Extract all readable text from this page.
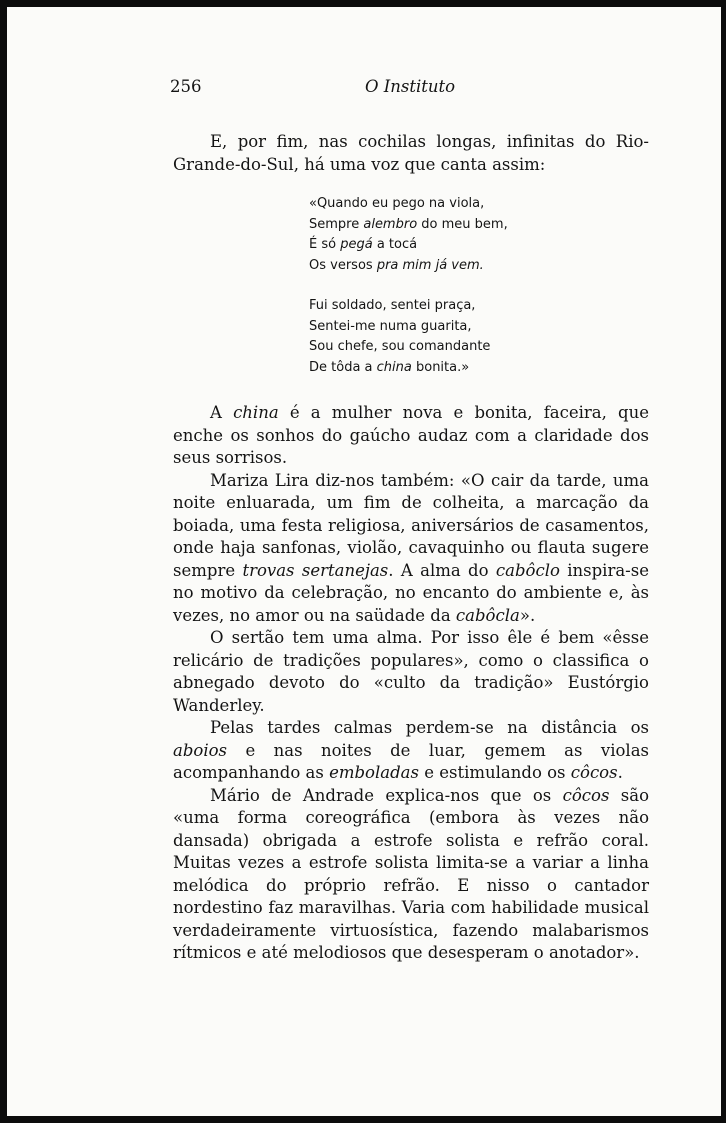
256	O Instituto

E, por fim, nas cochilas longas, infinitas do Rio-Grande-do-Sul, há uma voz que canta assim:

«Quando eu pego na viola,
Sempre alembro do meu bem,
É só pegá a tocá
Os versos pra mim já vem.
Fui soldado, sentei praça,
Sentei-me numa guarita,
Sou chefe, sou comandante
De tôda a china bonita.»

A china é a mulher nova e bonita, faceira, que enche os sonhos do gaúcho audaz com a claridade dos seus sorrisos.

Mariza Lira diz-nos também: «O cair da tarde, uma noite enluarada, um fim de colheita, a marcação da boiada, uma festa religiosa, aniversários de casamentos, onde haja sanfonas, violão, cavaquinho ou flauta sugere sempre trovas sertanejas. A alma do cabôclo inspira-se no motivo da celebração, no encanto do ambiente e, às vezes, no amor ou na saüdade da cabôcla».

O sertão tem uma alma. Por isso êle é bem «êsse relicário de tradições populares», como o classifica o abnegado devoto do «culto da tradição» Eustórgio Wanderley.

Pelas tardes calmas perdem-se na distância os aboios e nas noites de luar, gemem as violas acompanhando as emboladas e estimulando os côcos.

Mário de Andrade explica-nos que os côcos são «uma forma coreográfica (embora às vezes não dansada) obrigada a estrofe solista e refrão coral. Muitas vezes a estrofe solista limita-se a variar a linha melódica do próprio refrão. E nisso o cantador nordestino faz maravilhas. Varia com habilidade musical verdadeiramente virtuosística, fazendo malabarismos rítmicos e até melodiosos que desesperam o anotador».
